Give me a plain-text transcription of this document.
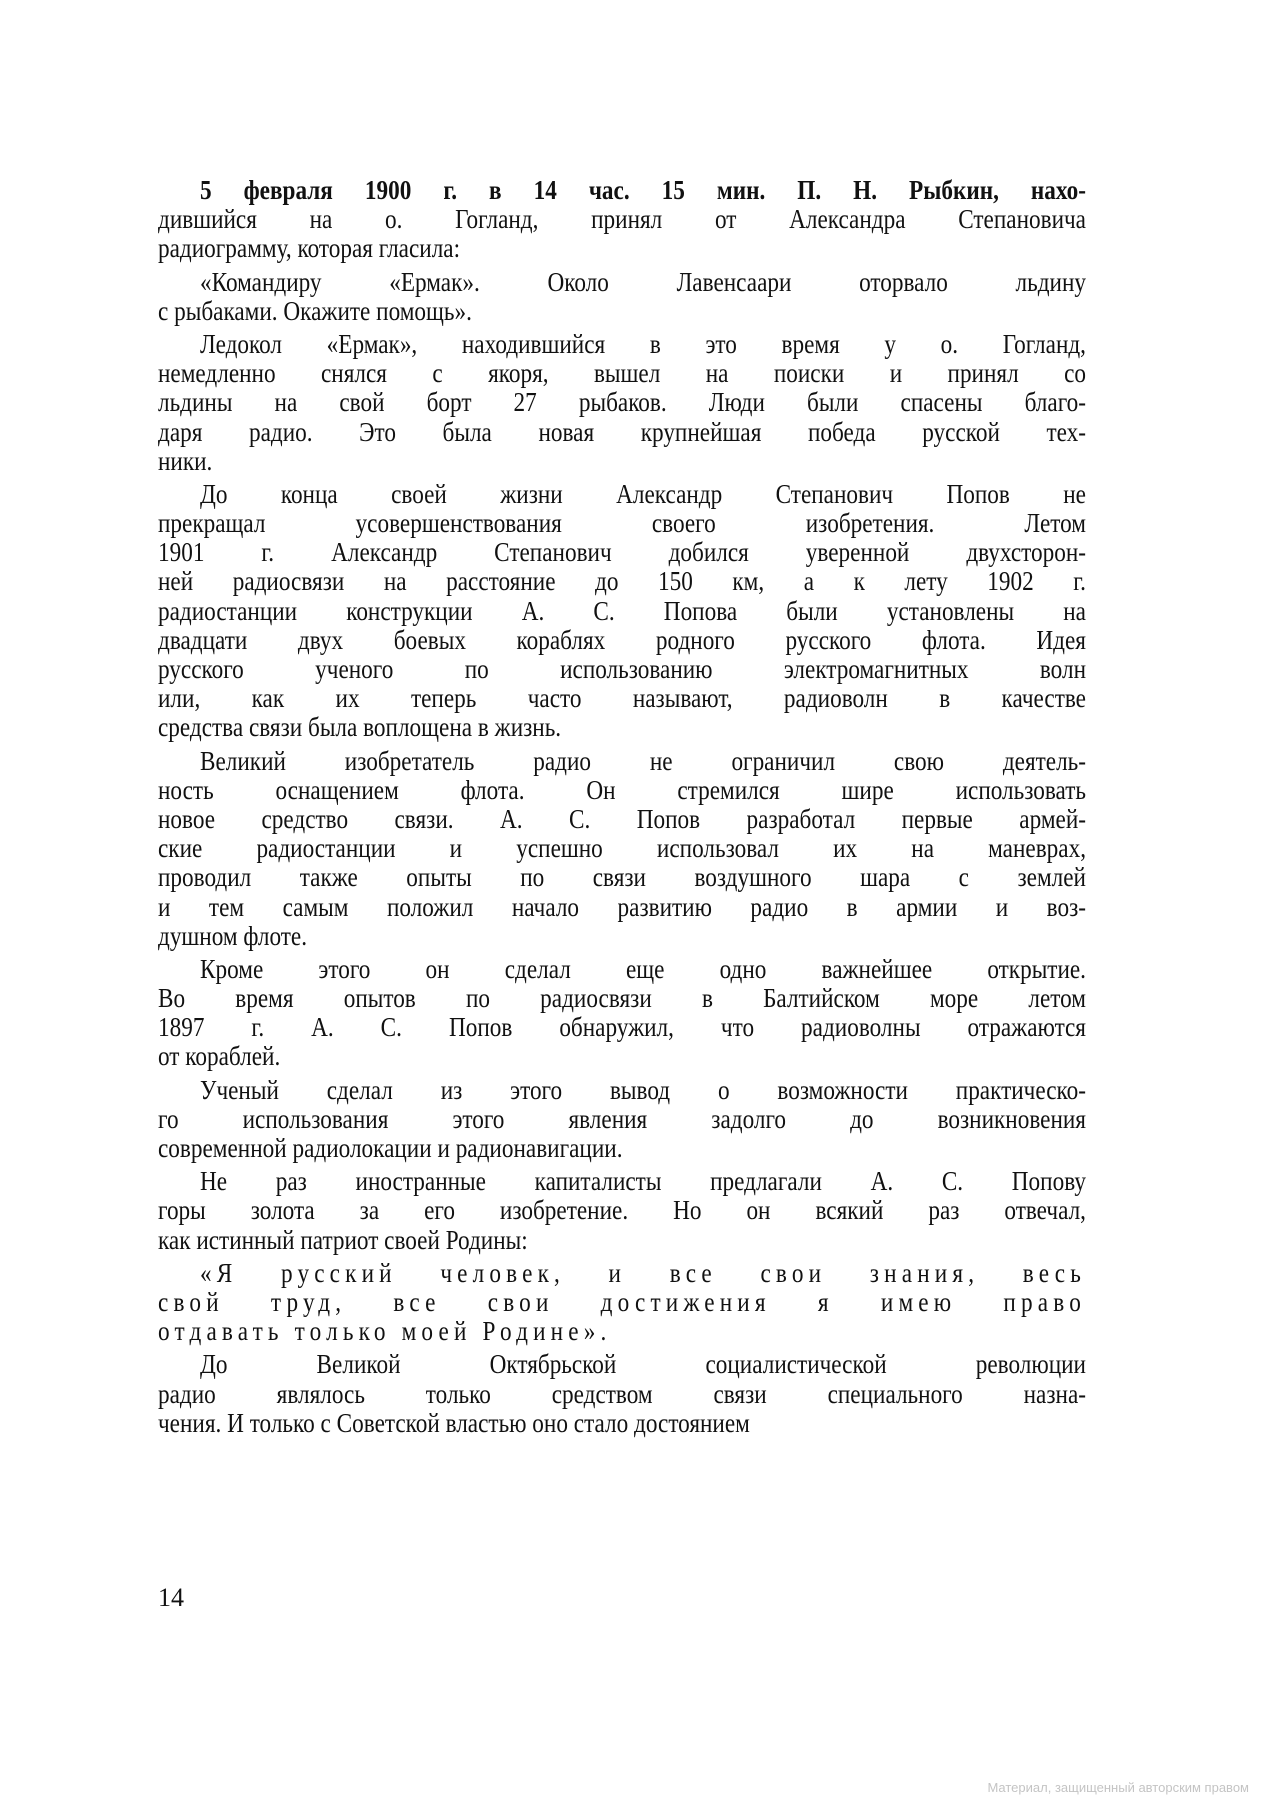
5 февраля 1900 г. в 14 час. 15 мин. П. Н. Рыбкин, нахо-
дившийся на о. Гогланд, принял от Александра Степановича
радиограмму, которая гласила:
«Командиру «Ермак». Около Лавенсаари оторвало льдину
с рыбаками. Окажите помощь».
Ледокол «Ермак», находившийся в это время у о. Гогланд,
немедленно снялся с якоря, вышел на поиски и принял со
льдины на свой борт 27 рыбаков. Люди были спасены благо-
даря радио. Это была новая крупнейшая победа русской тех-
ники.
До конца своей жизни Александр Степанович Попов не
прекращал усовершенствования своего изобретения. Летом
1901 г. Александр Степанович добился уверенной двухсторон-
ней радиосвязи на расстояние до 150 км, а к лету 1902 г.
радиостанции конструкции А. С. Попова были установлены на
двадцати двух боевых кораблях родного русского флота. Идея
русского ученого по использованию электромагнитных волн
или, как их теперь часто называют, радиоволн в качестве
средства связи была воплощена в жизнь.
Великий изобретатель радио не ограничил свою деятель-
ность оснащением флота. Он стремился шире использовать
новое средство связи. А. С. Попов разработал первые армей-
ские радиостанции и успешно использовал их на маневрах,
проводил также опыты по связи воздушного шара с землей
и тем самым положил начало развитию радио в армии и воз-
душном флоте.
Кроме этого он сделал еще одно важнейшее открытие.
Во время опытов по радиосвязи в Балтийском море летом
1897 г. А. С. Попов обнаружил, что радиоволны отражаются
от кораблей.
Ученый сделал из этого вывод о возможности практическо-
го использования этого явления задолго до возникновения
современной радиолокации и радионавигации.
Не раз иностранные капиталисты предлагали А. С. Попову
горы золота за его изобретение. Но он всякий раз отвечал,
как истинный патриот своей Родины:
«Я русский человек, и все свои знания, весь
свой труд, все свои достижения я имею право
отдавать только моей Родине».
До Великой Октябрьской социалистической революции
радио являлось только средством связи специального назна-
чения. И только с Советской властью оно стало достоянием
14
Материал, защищенный авторским правом
